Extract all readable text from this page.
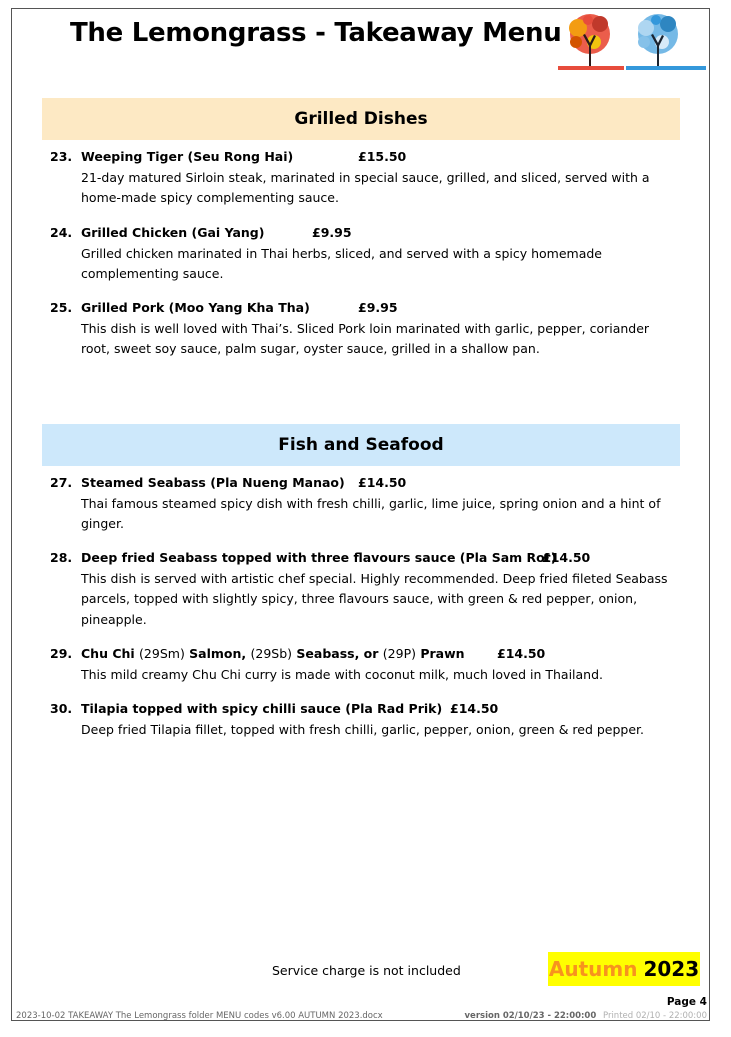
The Lemongrass - Takeaway Menu
Grilled Dishes
23. Weeping Tiger (Seu Rong Hai)	£15.50
21-day matured Sirloin steak, marinated in special sauce, grilled, and sliced, served with a home-made spicy complementing sauce.
24. Grilled Chicken (Gai Yang)	£9.95
Grilled chicken marinated in Thai herbs, sliced, and served with a spicy homemade complementing sauce.
25. Grilled Pork (Moo Yang Kha Tha)	£9.95
This dish is well loved with Thai’s. Sliced Pork loin marinated with garlic, pepper, coriander root, sweet soy sauce, palm sugar, oyster sauce, grilled in a shallow pan.
Fish and Seafood
27. Steamed Seabass (Pla Nueng Manao)	£14.50
Thai famous steamed spicy dish with fresh chilli, garlic, lime juice, spring onion and a hint of ginger.
28. Deep fried Seabass topped with three flavours sauce (Pla Sam Rot)
£14.50
This dish is served with artistic chef special. Highly recommended. Deep fried fileted Seabass parcels, topped with slightly spicy, three flavours sauce, with green & red pepper, onion, pineapple.
29. Chu Chi (29Sm) Salmon, (29Sb) Seabass, or (29P) Prawn	£14.50
This mild creamy Chu Chi curry is made with coconut milk, much loved in Thailand.
30. Tilapia topped with spicy chilli sauce (Pla Rad Prik) £14.50
Deep fried Tilapia fillet, topped with fresh chilli, garlic, pepper, onion, green & red pepper.
Service charge is not included	Autumn 2023
Page 4
2023-10-02 TAKEAWAY The Lemongrass folder MENU codes v6.00 AUTUMN 2023.docx	version 02/10/23 - 22:00:00 Printed 02/10 - 22:00:00
